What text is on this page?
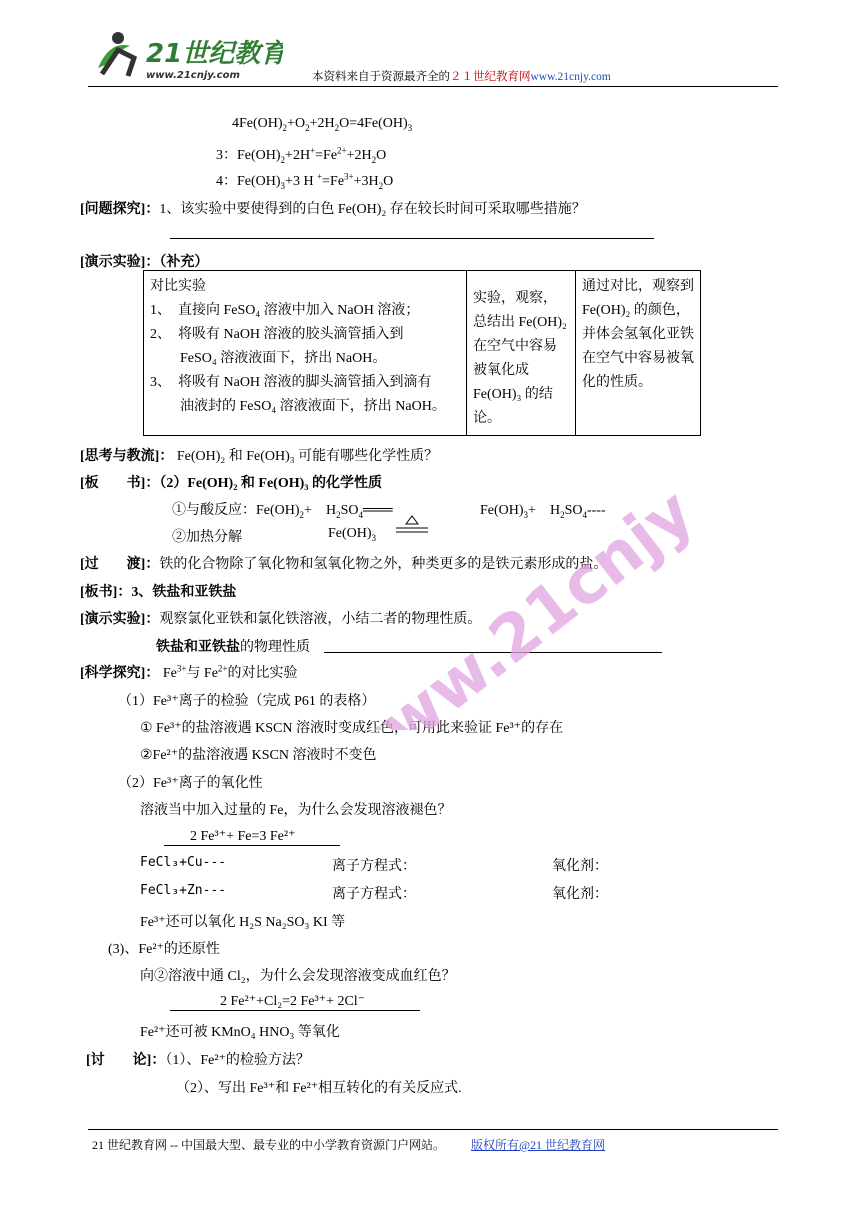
21世纪教育
www.21cnjy.com	本资料来自于资源最齐全的２１世纪教育网www.21cnjy.com
$4Fe(OH)_2+O_2+2H_2O=4Fe(OH)_3$
3：$Fe(OH)_2+2H^+=Fe^{2+}+2H_2O$
4：$Fe(OH)_3+3$ H $^+=Fe^{3+}+3H_2O$
[问题探究]：1、该实验中要使得到的白色 Fe(OH)₂ 存在较长时间可采取哪些措施？
[演示实验]：（补充）
对比实验
1、　直接向 FeSO₄ 溶液中加入 NaOH 溶液；
2、　将吸有 NaOH 溶液的胶头滴管插入到
FeSO₄ 溶液液面下，挤出 NaOH。
3、　将吸有 NaOH 溶液的脚头滴管插入到滴有
油液封的 FeSO₄ 溶液液面下，挤出 NaOH。
	实验，观察，总结出 Fe(OH)₂ 在空气中容易被氧化成 Fe(OH)₃ 的结论。	通过对比，观察到 Fe(OH)₂ 的颜色，并体会氢氧化亚铁在空气中容易被氧化的性质。
[思考与教流]： Fe(OH)₂ 和 Fe(OH)₃ 可能有哪些化学性质？
[板　　书]：（2）Fe(OH)₂ 和 Fe(OH)₃ 的化学性质
①与酸反应：$Fe(OH)_2+$　$H_2SO_4═══$	$Fe(OH)_3+$　$H_2SO_4----$
②加热分解	$Fe(OH)_3$
[过　　渡]：铁的化合物除了氧化物和氢氧化物之外，种类更多的是铁元素形成的盐。
[板书]：3、铁盐和亚铁盐
[演示实验]：观察氯化亚铁和氯化铁溶液，小结二者的物理性质。
铁盐和亚铁盐的物理性质
[科学探究]： $Fe^{3+}$与 $Fe^{2+}$的对比实验
（1）Fe³⁺离子的检验（完成 P61 的表格）
① Fe³⁺的盐溶液遇 KSCN 溶液时变成红色，可用此来验证 Fe³⁺的存在
②Fe²⁺的盐溶液遇 KSCN 溶液时不变色
（2）Fe³⁺离子的氧化性
溶液当中加入过量的 Fe，为什么会发现溶液褪色？
2 Fe³⁺+ Fe=3 Fe²⁺
FeCl₃+Cu---	离子方程式：	氧化剂：
FeCl₃+Zn---	离子方程式：	氧化剂：
Fe³⁺还可以氧化 H₂S Na₂SO₃ KI 等
(3)、Fe²⁺的还原性
向②溶液中通 Cl₂，为什么会发现溶液变成血红色？
2 Fe²⁺+Cl₂=2 Fe³⁺+ 2Cl⁻
Fe²⁺还可被 KMnO₄ HNO₃ 等氧化
[讨　　论]：（1）、Fe²⁺的检验方法？
（2）、写出 Fe³⁺和 Fe²⁺相互转化的有关反应式.
www.21cnjy.com
21 世纪教育网 -- 中国最大型、最专业的中小学教育资源门户网站。 版权所有@21 世纪教育网
